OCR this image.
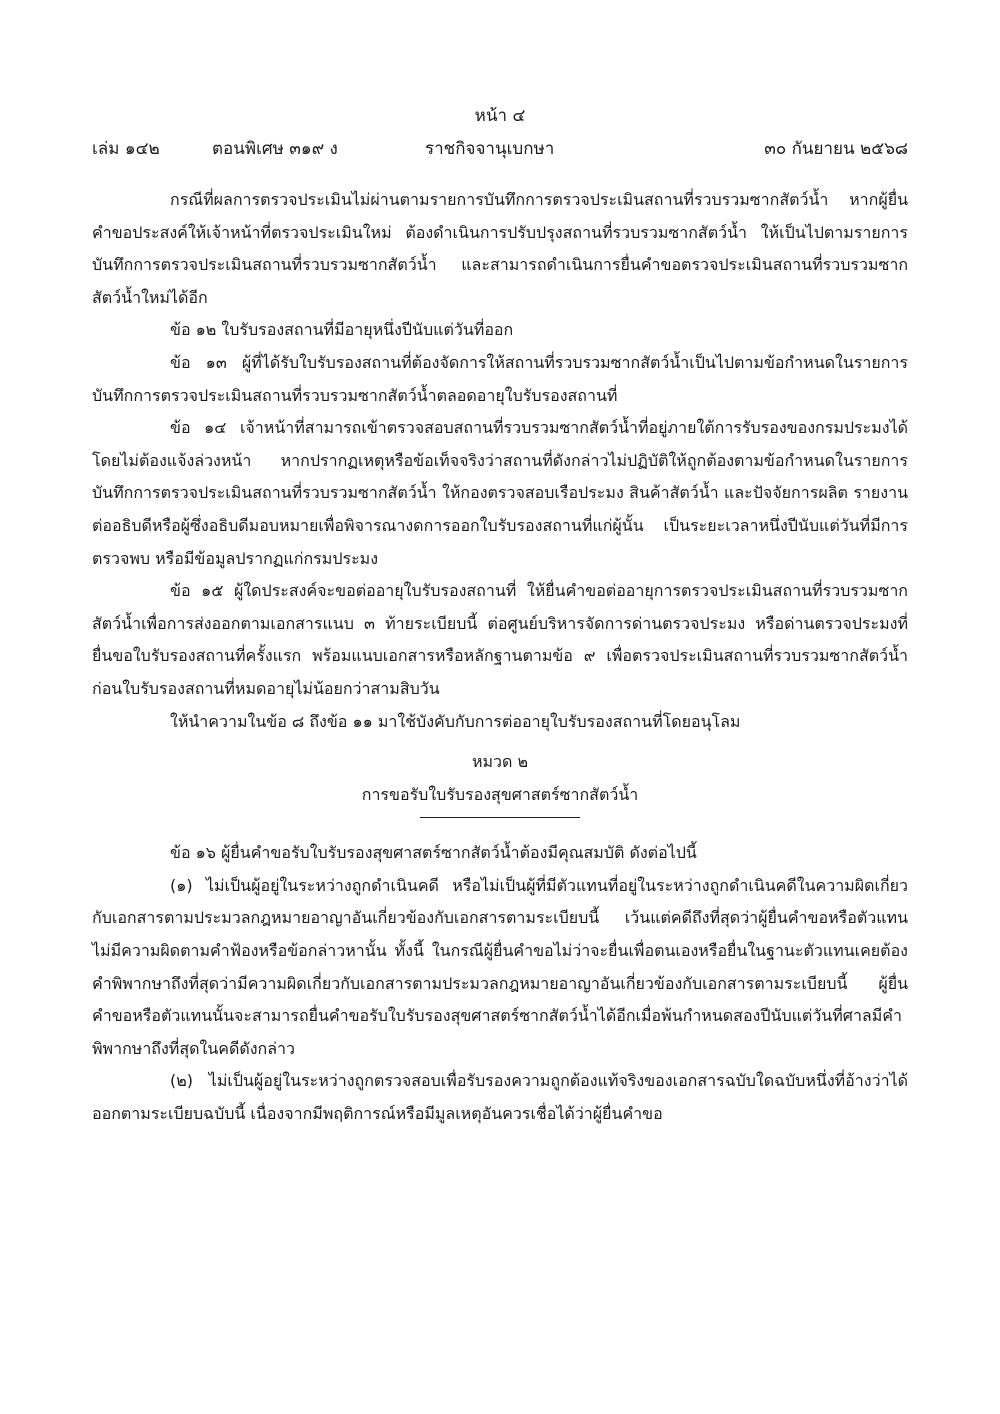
หน้า ๔
เล่ม ๑๔๒	ตอนพิเศษ ๓๑๙ ง	ราชกิจจานุเบกษา	๓๐ กันยายน ๒๕๖๘

กรณีที่ผลการตรวจประเมินไม่ผ่านตามรายการบันทึกการตรวจประเมินสถานที่รวบรวมซากสัตว์น้ำ หากผู้ยื่นคำขอประสงค์ให้เจ้าหน้าที่ตรวจประเมินใหม่ ต้องดำเนินการปรับปรุงสถานที่รวบรวมซากสัตว์น้ำ ให้เป็นไปตามรายการบันทึกการตรวจประเมินสถานที่รวบรวมซากสัตว์น้ำ และสามารถดำเนินการยื่นคำขอตรวจประเมินสถานที่รวบรวมซากสัตว์น้ำใหม่ได้อีก

ข้อ ๑๒ ใบรับรองสถานที่มีอายุหนึ่งปีนับแต่วันที่ออก

ข้อ ๑๓ ผู้ที่ได้รับใบรับรองสถานที่ต้องจัดการให้สถานที่รวบรวมซากสัตว์น้ำเป็นไปตามข้อกำหนดในรายการบันทึกการตรวจประเมินสถานที่รวบรวมซากสัตว์น้ำตลอดอายุใบรับรองสถานที่

ข้อ ๑๔ เจ้าหน้าที่สามารถเข้าตรวจสอบสถานที่รวบรวมซากสัตว์น้ำที่อยู่ภายใต้การรับรองของกรมประมงได้โดยไม่ต้องแจ้งล่วงหน้า หากปรากฏเหตุหรือข้อเท็จจริงว่าสถานที่ดังกล่าวไม่ปฏิบัติให้ถูกต้องตามข้อกำหนดในรายการบันทึกการตรวจประเมินสถานที่รวบรวมซากสัตว์น้ำ ให้กองตรวจสอบเรือประมง สินค้าสัตว์น้ำ และปัจจัยการผลิต รายงานต่ออธิบดีหรือผู้ซึ่งอธิบดีมอบหมายเพื่อพิจารณางดการออกใบรับรองสถานที่แก่ผู้นั้น เป็นระยะเวลาหนึ่งปีนับแต่วันที่มีการตรวจพบ หรือมีข้อมูลปรากฏแก่กรมประมง

ข้อ ๑๕ ผู้ใดประสงค์จะขอต่ออายุใบรับรองสถานที่ ให้ยื่นคำขอต่ออายุการตรวจประเมินสถานที่รวบรวมซากสัตว์น้ำเพื่อการส่งออกตามเอกสารแนบ ๓ ท้ายระเบียบนี้ ต่อศูนย์บริหารจัดการด่านตรวจประมง หรือด่านตรวจประมงที่ยื่นขอใบรับรองสถานที่ครั้งแรก พร้อมแนบเอกสารหรือหลักฐานตามข้อ ๙ เพื่อตรวจประเมินสถานที่รวบรวมซากสัตว์น้ำ ก่อนใบรับรองสถานที่หมดอายุไม่น้อยกว่าสามสิบวัน

ให้นำความในข้อ ๘ ถึงข้อ ๑๑ มาใช้บังคับกับการต่ออายุใบรับรองสถานที่โดยอนุโลม

หมวด ๒

การขอรับใบรับรองสุขศาสตร์ซากสัตว์น้ำ

ข้อ ๑๖ ผู้ยื่นคำขอรับใบรับรองสุขศาสตร์ซากสัตว์น้ำต้องมีคุณสมบัติ ดังต่อไปนี้

(๑) ไม่เป็นผู้อยู่ในระหว่างถูกดำเนินคดี หรือไม่เป็นผู้ที่มีตัวแทนที่อยู่ในระหว่างถูกดำเนินคดีในความผิดเกี่ยวกับเอกสารตามประมวลกฎหมายอาญาอันเกี่ยวข้องกับเอกสารตามระเบียบนี้ เว้นแต่คดีถึงที่สุดว่าผู้ยื่นคำขอหรือตัวแทนไม่มีความผิดตามคำฟ้องหรือข้อกล่าวหานั้น ทั้งนี้ ในกรณีผู้ยื่นคำขอไม่ว่าจะยื่นเพื่อตนเองหรือยื่นในฐานะตัวแทนเคยต้องคำพิพากษาถึงที่สุดว่ามีความผิดเกี่ยวกับเอกสารตามประมวลกฎหมายอาญาอันเกี่ยวข้องกับเอกสารตามระเบียบนี้ ผู้ยื่นคำขอหรือตัวแทนนั้นจะสามารถยื่นคำขอรับใบรับรองสุขศาสตร์ซากสัตว์น้ำได้อีกเมื่อพ้นกำหนดสองปีนับแต่วันที่ศาลมีคำพิพากษาถึงที่สุดในคดีดังกล่าว

(๒) ไม่เป็นผู้อยู่ในระหว่างถูกตรวจสอบเพื่อรับรองความถูกต้องแท้จริงของเอกสารฉบับใดฉบับหนึ่งที่อ้างว่าได้ออกตามระเบียบฉบับนี้ เนื่องจากมีพฤติการณ์หรือมีมูลเหตุอันควรเชื่อได้ว่าผู้ยื่นคำขอ
